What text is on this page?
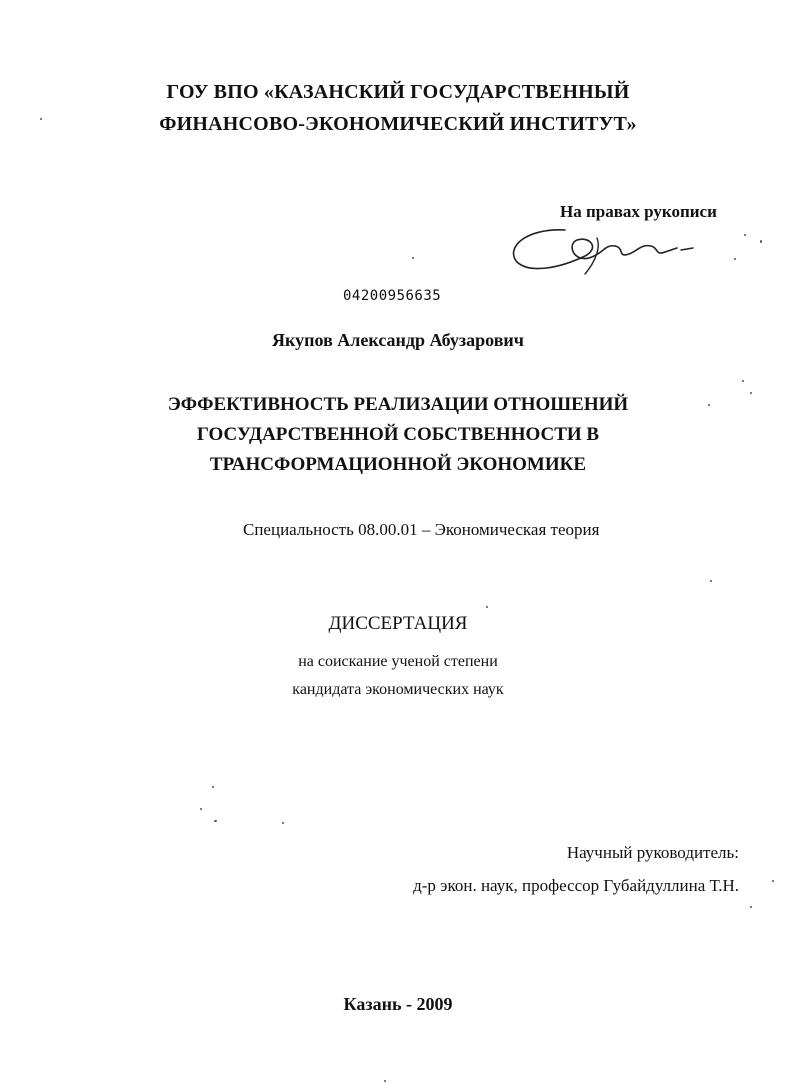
ГОУ ВПО «КАЗАНСКИЙ ГОСУДАРСТВЕННЫЙ
ФИНАНСОВО-ЭКОНОМИЧЕСКИЙ ИНСТИТУТ»
На правах рукописи
04200956635
Якупов Александр Абузарович
ЭФФЕКТИВНОСТЬ РЕАЛИЗАЦИИ ОТНОШЕНИЙ
ГОСУДАРСТВЕННОЙ СОБСТВЕННОСТИ В
ТРАНСФОРМАЦИОННОЙ ЭКОНОМИКЕ
Специальность 08.00.01 – Экономическая теория
ДИССЕРТАЦИЯ
на соискание ученой степени
кандидата экономических наук
Научный руководитель:
д-р экон. наук, профессор Губайдуллина Т.Н.
Казань - 2009
